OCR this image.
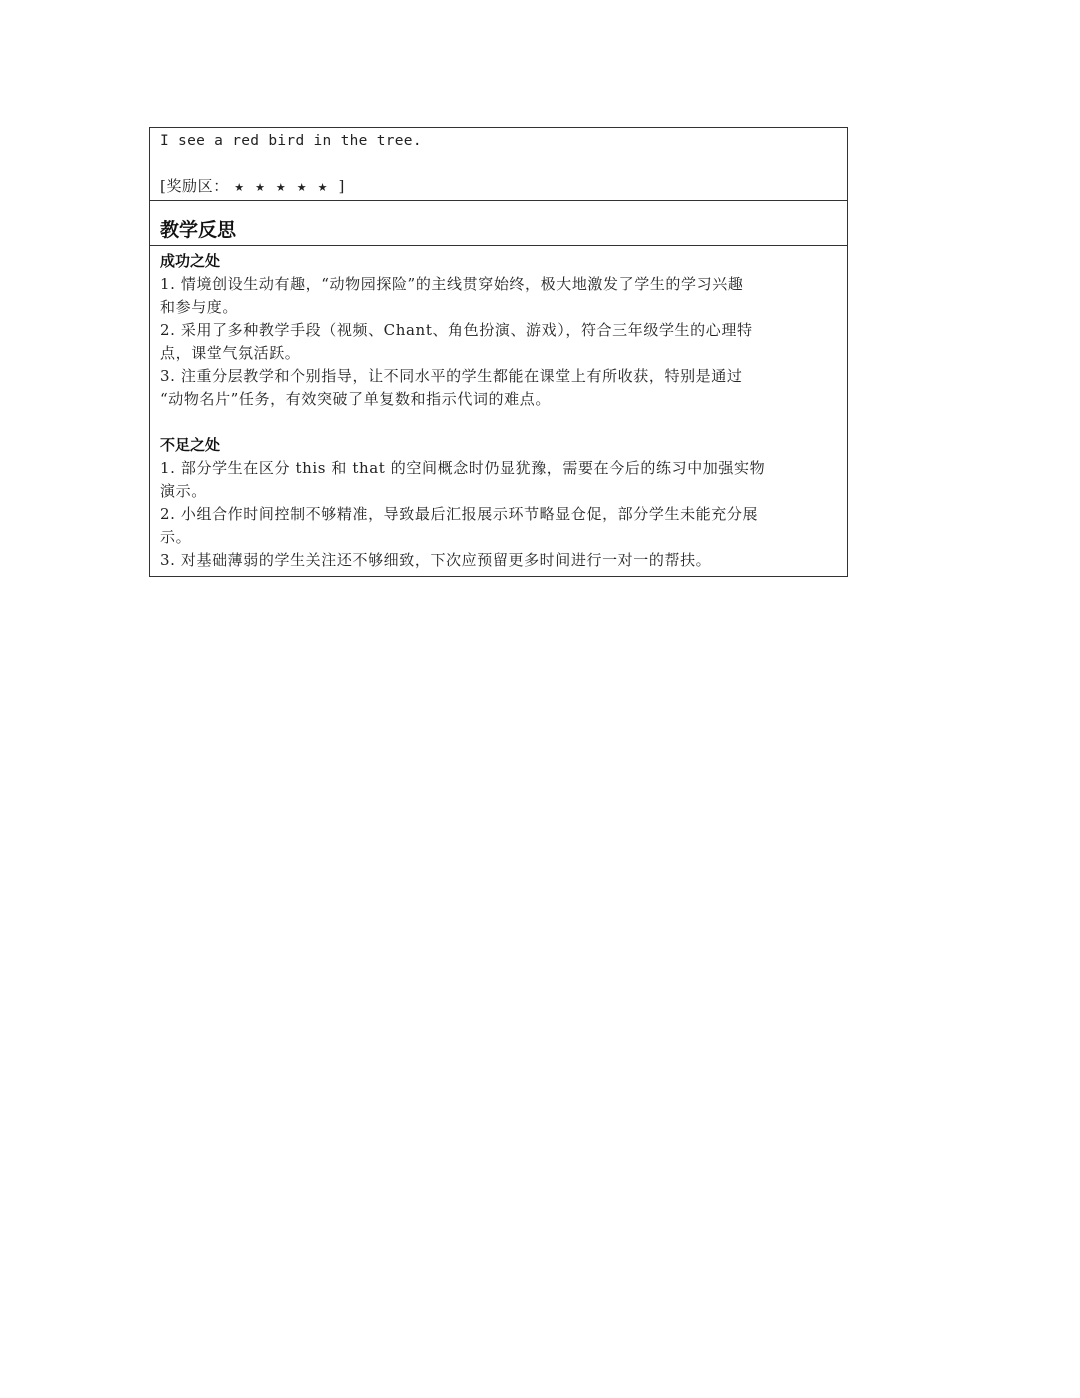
I see a red bird in the tree.
[奖励区： ★ ★ ★ ★ ★ ]
教学反思
成功之处
1. 情境创设生动有趣，“动物园探险”的主线贯穿始终，极大地激发了学生的学习兴趣
和参与度。
2. 采用了多种教学手段（视频、Chant、角色扮演、游戏），符合三年级学生的心理特
点，课堂气氛活跃。
3. 注重分层教学和个别指导，让不同水平的学生都能在课堂上有所收获，特别是通过
“动物名片”任务，有效突破了单复数和指示代词的难点。
不足之处
1. 部分学生在区分 this 和 that 的空间概念时仍显犹豫，需要在今后的练习中加强实物
演示。
2. 小组合作时间控制不够精准，导致最后汇报展示环节略显仓促，部分学生未能充分展
示。
3. 对基础薄弱的学生关注还不够细致，下次应预留更多时间进行一对一的帮扶。
